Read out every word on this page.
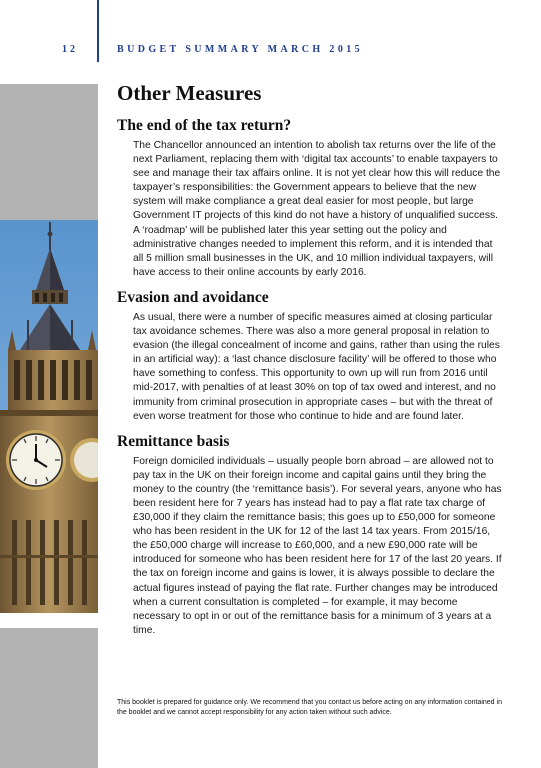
12	BUDGET SUMMARY MARCH 2015
Other Measures
The end of the tax return?

The Chancellor announced an intention to abolish tax returns over the life of the next Parliament, replacing them with ‘digital tax accounts’ to enable taxpayers to see and manage their tax affairs online. It is not yet clear how this will reduce the taxpayer’s responsibilities: the Government appears to believe that the new system will make compliance a great deal easier for most people, but large Government IT projects of this kind do not have a history of unqualified success. A ‘roadmap’ will be published later this year setting out the policy and administrative changes needed to implement this reform, and it is intended that all 5 million small businesses in the UK, and 10 million individual taxpayers, will have access to their online accounts by early 2016.

Evasion and avoidance

As usual, there were a number of specific measures aimed at closing particular tax avoidance schemes. There was also a more general proposal in relation to evasion (the illegal concealment of income and gains, rather than using the rules in an artificial way): a ‘last chance disclosure facility’ will be offered to those who have something to confess. This opportunity to own up will run from 2016 until mid-2017, with penalties of at least 30% on top of tax owed and interest, and no immunity from criminal prosecution in appropriate cases – but with the threat of even worse treatment for those who continue to hide and are found later.

Remittance basis

Foreign domiciled individuals – usually people born abroad – are allowed not to pay tax in the UK on their foreign income and capital gains until they bring the money to the country (the ‘remittance basis’). For several years, anyone who has been resident here for 7 years has instead had to pay a flat rate tax charge of £30,000 if they claim the remittance basis; this goes up to £50,000 for someone who has been resident in the UK for 12 of the last 14 tax years. From 2015/16, the £50,000 charge will increase to £60,000, and a new £90,000 rate will be introduced for someone who has been resident here for 17 of the last 20 years. If the tax on foreign income and gains is lower, it is always possible to declare the actual figures instead of paying the flat rate. Further changes may be introduced when a current consultation is completed – for example, it may become necessary to opt in or out of the remittance basis for a minimum of 3 years at a time.

This booklet is prepared for guidance only. We recommend that you contact us before acting on any information contained in the booklet and we cannot accept responsibility for any action taken without such advice.
